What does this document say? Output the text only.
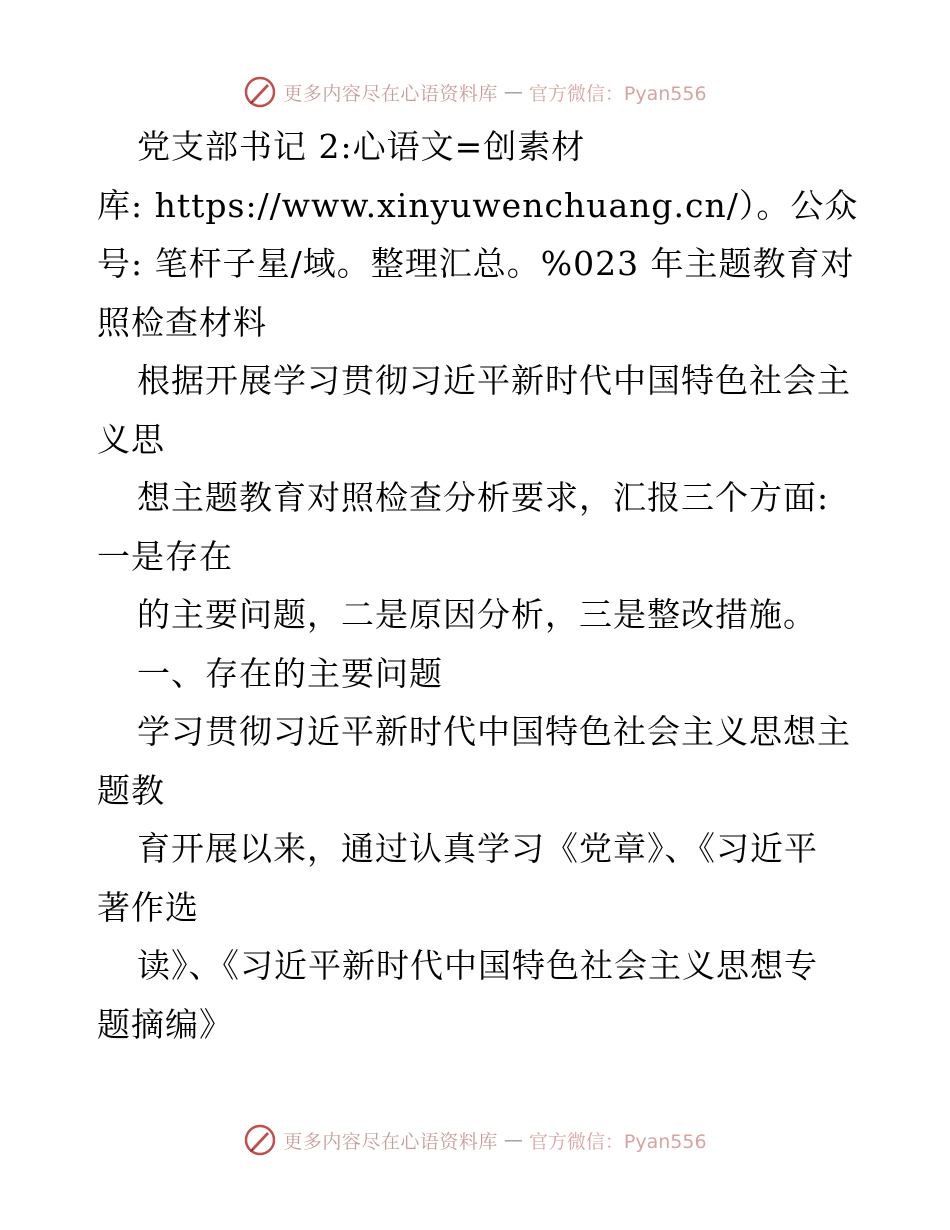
更多内容尽在心语资料库 — 官方微信：Pyan556
党支部书记 2:心语文=创素材
库: https://www.xinyuwenchuang.cn/）。公众
号: 笔杆子星/域。整理汇总。%023 年主题教育对
照检查材料
根据开展学习贯彻习近平新时代中国特色社会主
义思
想主题教育对照检查分析要求，汇报三个方面:
一是存在
的主要问题，二是原因分析，三是整改措施。
一、存在的主要问题
学习贯彻习近平新时代中国特色社会主义思想主
题教
育开展以来，通过认真学习《党章》、《习近平
著作选
读》、《习近平新时代中国特色社会主义思想专
题摘编》
更多内容尽在心语资料库 — 官方微信：Pyan556
